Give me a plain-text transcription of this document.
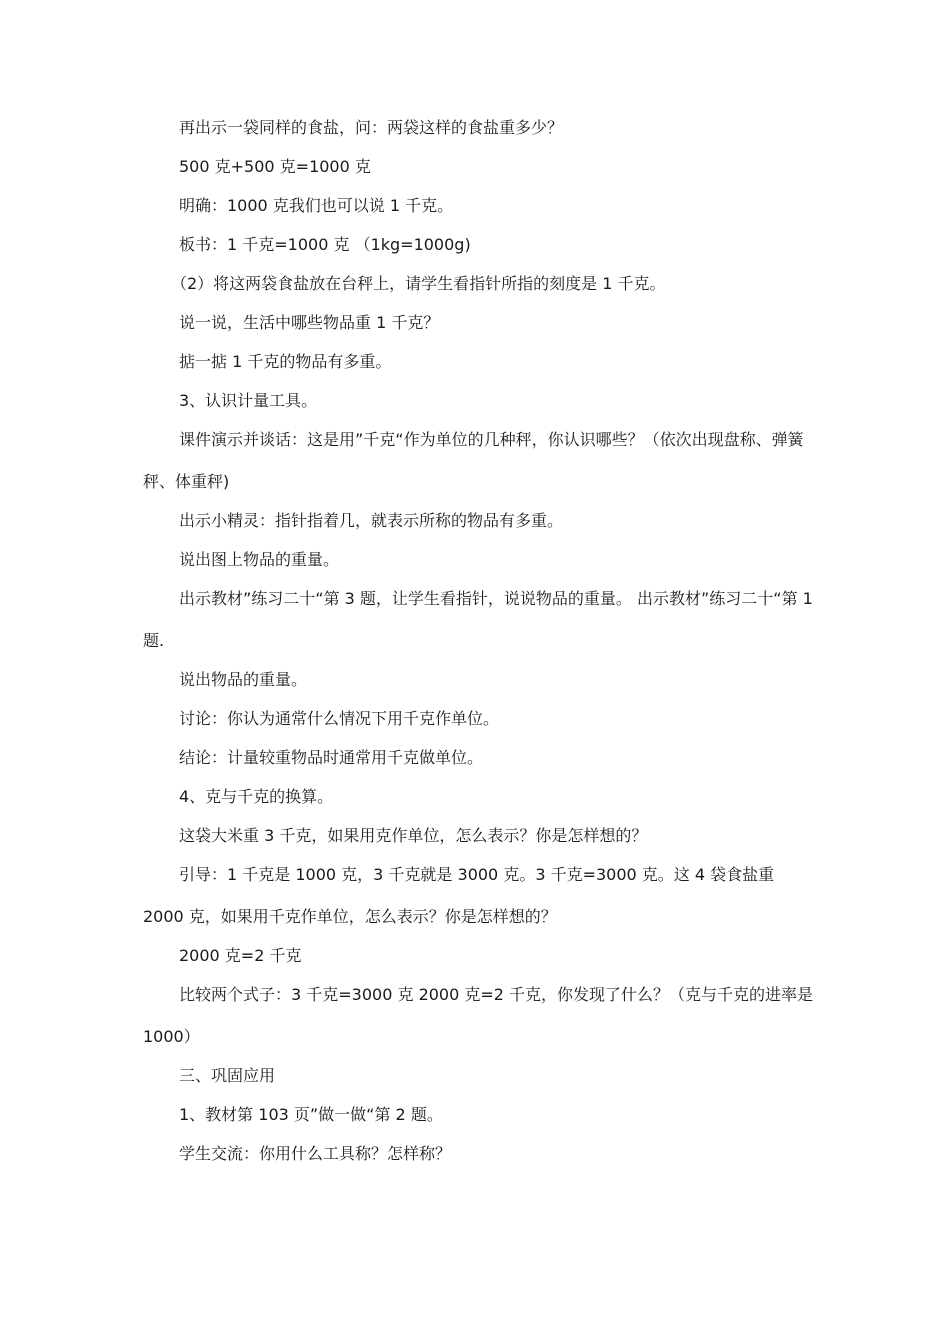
再出示一袋同样的食盐，问：两袋这样的食盐重多少？

500 克+500 克=1000 克

明确：1000 克我们也可以说 1 千克。

板书：1 千克=1000 克 （1kg=1000g)

（2）将这两袋食盐放在台秤上，请学生看指针所指的刻度是 1 千克。

说一说，生活中哪些物品重 1 千克？

掂一掂 1 千克的物品有多重。

3、认识计量工具。

课件演示并谈话：这是用”千克“作为单位的几种秤，你认识哪些？（依次出现盘称、弹簧秤、体重秤)

出示小精灵：指针指着几，就表示所称的物品有多重。

说出图上物品的重量。

出示教材”练习二十“第 3 题，让学生看指针，说说物品的重量。 出示教材”练习二十“第 1 题.

说出物品的重量。

讨论：你认为通常什么情况下用千克作单位。

结论：计量较重物品时通常用千克做单位。

4、克与千克的换算。

这袋大米重 3 千克，如果用克作单位，怎么表示？你是怎样想的？

引导：1 千克是 1000 克，3 千克就是 3000 克。3 千克=3000 克。这 4 袋食盐重 2000 克，如果用千克作单位，怎么表示？你是怎样想的？

2000 克=2 千克

比较两个式子：3 千克=3000 克 2000 克=2 千克，你发现了什么？（克与千克的进率是 1000）

三、巩固应用

1、教材第 103 页”做一做“第 2 题。

学生交流：你用什么工具称？怎样称？
